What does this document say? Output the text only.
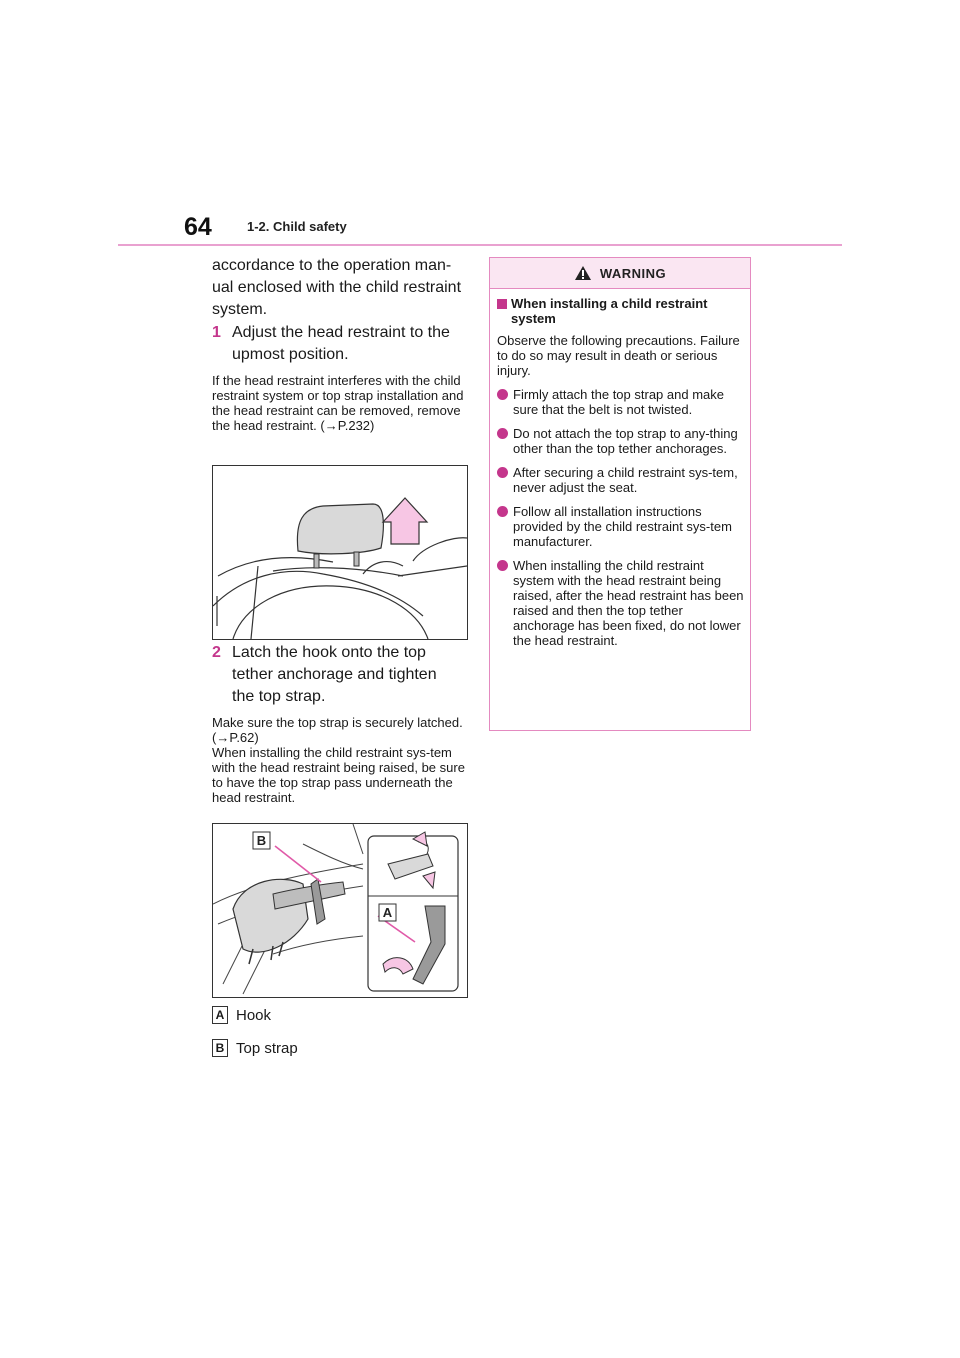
64	1-2. Child safety

accordance to the operation man-

ual enclosed with the child restraint

system.

1 Adjust the head restraint to the
upmost position.
If the head restraint interferes with the child restraint system or top strap installation and the head restraint can be removed, remove the head restraint. (→P.232)
2 Latch the hook onto the top
tether anchorage and tighten
the top strap.
Make sure the top strap is securely latched. (→P.62)
When installing the child restraint sys-tem with the head restraint being raised, be sure to have the top strap pass underneath the head restraint.
B
A
A Hook
B Top strap
WARNING
When installing a child restraint system
Observe the following precautions. Failure to do so may result in death or serious injury.
Firmly attach the top strap and make sure that the belt is not twisted.
Do not attach the top strap to any-thing other than the top tether anchorages.
After securing a child restraint sys-tem, never adjust the seat.
Follow all installation instructions provided by the child restraint sys-tem manufacturer.
When installing the child restraint system with the head restraint being raised, after the head restraint has been raised and then the top tether anchorage has been fixed, do not lower the head restraint.
